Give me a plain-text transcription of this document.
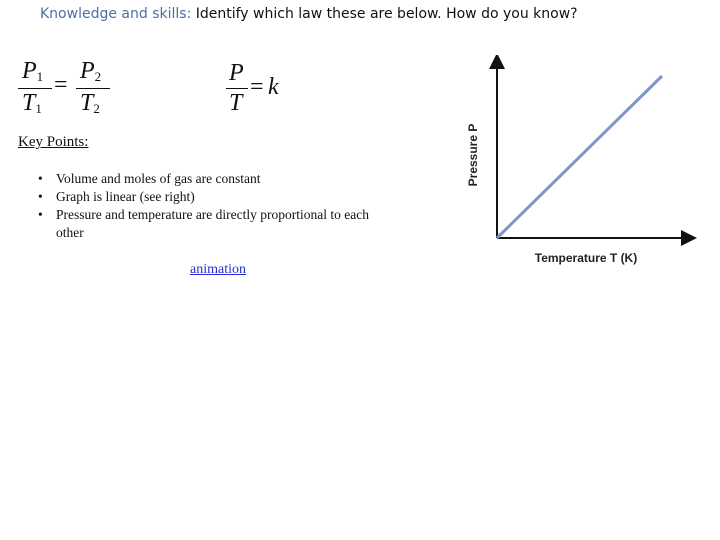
Knowledge and skills: Identify which law these are below. How do you know?
$P_1$
$T_1$
=
$P_2$
$T_2$
P
T
= k
Key Points:
• Volume and moles of gas are constant
• Graph is linear (see right)
• Pressure and temperature are directly proportional to each other
animation
Pressure P
Temperature T (K)
